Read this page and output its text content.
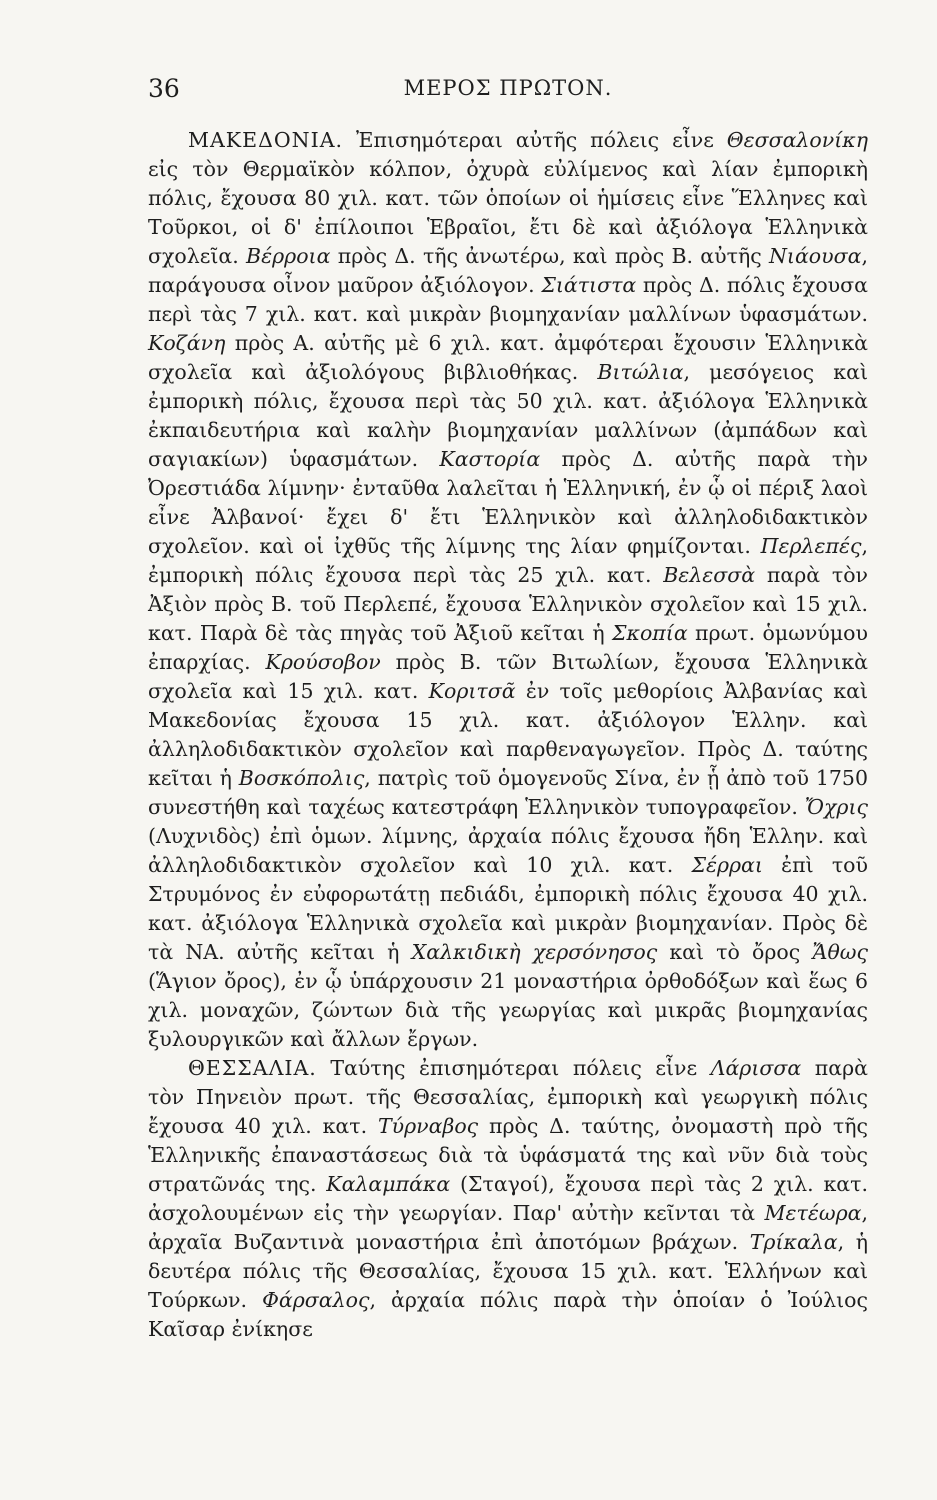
36	ΜΕΡΟΣ ΠΡΩΤΟΝ.

ΜΑΚΕΔΟΝΙΑ. Ἐπισημότεραι αὐτῆς πόλεις εἶνε Θεσσαλονίκη εἰς τὸν Θερμαϊκὸν κόλπον, ὀχυρὰ εὐλίμενος καὶ λίαν ἐμπορικὴ πόλις, ἔχουσα 80 χιλ. κατ. τῶν ὁποίων οἱ ἡμίσεις εἶνε Ἕλληνες καὶ Τοῦρκοι, οἱ δ' ἐπίλοιποι Ἑβραῖοι, ἔτι δὲ καὶ ἀξιόλογα Ἑλληνικὰ σχολεῖα. Βέρροια πρὸς Δ. τῆς ἀνωτέρω, καὶ πρὸς Β. αὐτῆς Νιάουσα, παράγουσα οἶνον μαῦρον ἀξιόλογον. Σιάτιστα πρὸς Δ. πόλις ἔχουσα περὶ τὰς 7 χιλ. κατ. καὶ μικρὰν βιομηχανίαν μαλλίνων ὑφασμάτων. Κοζάνη πρὸς Α. αὐτῆς μὲ 6 χιλ. κατ. ἀμφότεραι ἔχουσιν Ἑλληνικὰ σχολεῖα καὶ ἀξιολόγους βιβλιοθήκας. Βιτώλια, μεσόγειος καὶ ἐμπορικὴ πόλις, ἔχουσα περὶ τὰς 50 χιλ. κατ. ἀξιόλογα Ἑλληνικὰ ἐκπαιδευτήρια καὶ καλὴν βιομηχανίαν μαλλίνων (ἀμπάδων καὶ σαγιακίων) ὑφασμάτων. Καστορία πρὸς Δ. αὐτῆς παρὰ τὴν Ὀρεστιάδα λίμνην· ἐνταῦθα λαλεῖται ἡ Ἑλληνική, ἐν ᾧ οἱ πέριξ λαοὶ εἶνε Ἀλβανοί· ἔχει δ' ἔτι Ἑλληνικὸν καὶ ἀλληλοδιδακτικὸν σχολεῖον. καὶ οἱ ἰχθῦς τῆς λίμνης της λίαν φημίζονται. Περλεπές, ἐμπορικὴ πόλις ἔχουσα περὶ τὰς 25 χιλ. κατ. Βελεσσὰ παρὰ τὸν Ἀξιὸν πρὸς Β. τοῦ Περλεπέ, ἔχουσα Ἑλληνικὸν σχολεῖον καὶ 15 χιλ. κατ. Παρὰ δὲ τὰς πηγὰς τοῦ Ἀξιοῦ κεῖται ἡ Σκοπία πρωτ. ὁμωνύμου ἐπαρχίας. Κρούσοβον πρὸς Β. τῶν Βιτωλίων, ἔχουσα Ἑλληνικὰ σχολεῖα καὶ 15 χιλ. κατ. Κοριτσᾶ ἐν τοῖς μεθορίοις Ἀλβανίας καὶ Μακεδονίας ἔχουσα 15 χιλ. κατ. ἀξιόλογον Ἑλλην. καὶ ἀλληλοδιδακτικὸν σχολεῖον καὶ παρθεναγωγεῖον. Πρὸς Δ. ταύτης κεῖται ἡ Βοσκόπολις, πατρὶς τοῦ ὁμογενοῦς Σίνα, ἐν ᾗ ἀπὸ τοῦ 1750 συνεστήθη καὶ ταχέως κατεστράφη Ἑλληνικὸν τυπογραφεῖον. Ὄχρις (Λυχνιδὸς) ἐπὶ ὁμων. λίμνης, ἀρχαία πόλις ἔχουσα ἤδη Ἑλλην. καὶ ἀλληλοδιδακτικὸν σχολεῖον καὶ 10 χιλ. κατ. Σέρραι ἐπὶ τοῦ Στρυμόνος ἐν εὐφορωτάτῃ πεδιάδι, ἐμπορικὴ πόλις ἔχουσα 40 χιλ. κατ. ἀξιόλογα Ἑλληνικὰ σχολεῖα καὶ μικρὰν βιομηχανίαν. Πρὸς δὲ τὰ ΝΑ. αὐτῆς κεῖται ἡ Χαλκιδικὴ χερσόνησος καὶ τὸ ὄρος Ἄθως (Ἅγιον ὄρος), ἐν ᾧ ὑπάρχουσιν 21 μοναστήρια ὀρθοδόξων καὶ ἕως 6 χιλ. μοναχῶν, ζώντων διὰ τῆς γεωργίας καὶ μικρᾶς βιομηχανίας ξυλουργικῶν καὶ ἄλλων ἔργων.

ΘΕΣΣΑΛΙΑ. Ταύτης ἐπισημότεραι πόλεις εἶνε Λάρισσα παρὰ τὸν Πηνειὸν πρωτ. τῆς Θεσσαλίας, ἐμπορικὴ καὶ γεωργικὴ πόλις ἔχουσα 40 χιλ. κατ. Τύρναβος πρὸς Δ. ταύτης, ὀνομαστὴ πρὸ τῆς Ἑλληνικῆς ἐπαναστάσεως διὰ τὰ ὑφάσματά της καὶ νῦν διὰ τοὺς στρατῶνάς της. Καλαμπάκα (Σταγοί), ἔχουσα περὶ τὰς 2 χιλ. κατ. ἀσχολουμένων εἰς τὴν γεωργίαν. Παρ' αὐτὴν κεῖνται τὰ Μετέωρα, ἀρχαῖα Βυζαντινὰ μοναστήρια ἐπὶ ἀποτόμων βράχων. Τρίκαλα, ἡ δευτέρα πόλις τῆς Θεσσαλίας, ἔχουσα 15 χιλ. κατ. Ἑλλήνων καὶ Τούρκων. Φάρσαλος, ἀρχαία πόλις παρὰ τὴν ὁποίαν ὁ Ἰούλιος Καῖσαρ ἐνίκησε
